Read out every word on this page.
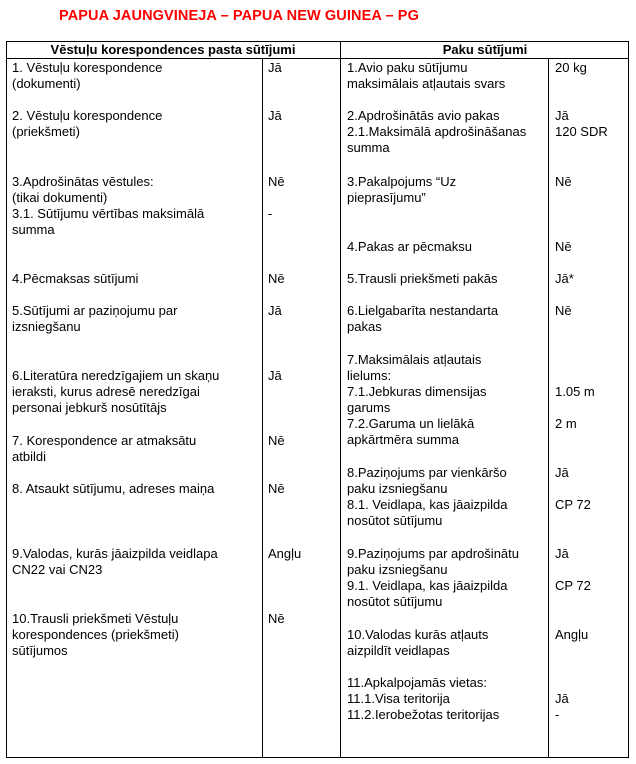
PAPUA JAUNGVINEJA – PAPUA NEW GUINEA – PG
Vēstuļu korespondences pasta sūtījumi	Paku sūtījumi
1. Vēstuļu korespondence
(dokumenti)
2. Vēstuļu korespondence
(priekšmeti)
3.Apdrošinātas vēstules:
(tikai dokumenti)
3.1. Sūtījumu vērtības maksimālā
summa
4.Pēcmaksas sūtījumi
5.Sūtījumi ar paziņojumu par
izsniegšanu
6.Literatūra neredzīgajiem un skaņu
ieraksti, kurus adresē neredzīgai
personai jebkurš nosūtītājs
7. Korespondence ar atmaksātu
atbildi
8. Atsaukt sūtījumu, adreses maiņa
9.Valodas, kurās jāaizpilda veidlapa
CN22 vai CN23
10.Trausli priekšmeti Vēstuļu
korespondences (priekšmeti)
sūtījumos
Jā
Jā
Nē
-
Nē
Jā
Jā
Nē
Nē
Angļu
Nē
1.Avio paku sūtījumu
maksimālais atļautais svars
2.Apdrošinātās avio pakas
2.1.Maksimālā apdrošināšanas
summa
3.Pakalpojums “Uz
pieprasījumu”
4.Pakas ar pēcmaksu
5.Trausli priekšmeti pakās
6.Lielgabarīta nestandarta
pakas
7.Maksimālais atļautais
lielums:
7.1.Jebkuras dimensijas
garums
7.2.Garuma un lielākā
apkārtmēra summa
8.Paziņojums par vienkāršo
paku izsniegšanu
8.1. Veidlapa, kas jāaizpilda
nosūtot sūtījumu
9.Paziņojums par apdrošinātu
paku izsniegšanu
9.1. Veidlapa, kas jāaizpilda
nosūtot sūtījumu
10.Valodas kurās atļauts
aizpildīt veidlapas
11.Apkalpojamās vietas:
11.1.Visa teritorija
11.2.Ierobežotas teritorijas
20 kg
Jā
120 SDR
Nē
Nē
Jā*
Nē
1.05 m
2 m
Jā
CP 72
Jā
CP 72
Angļu
Jā
-
